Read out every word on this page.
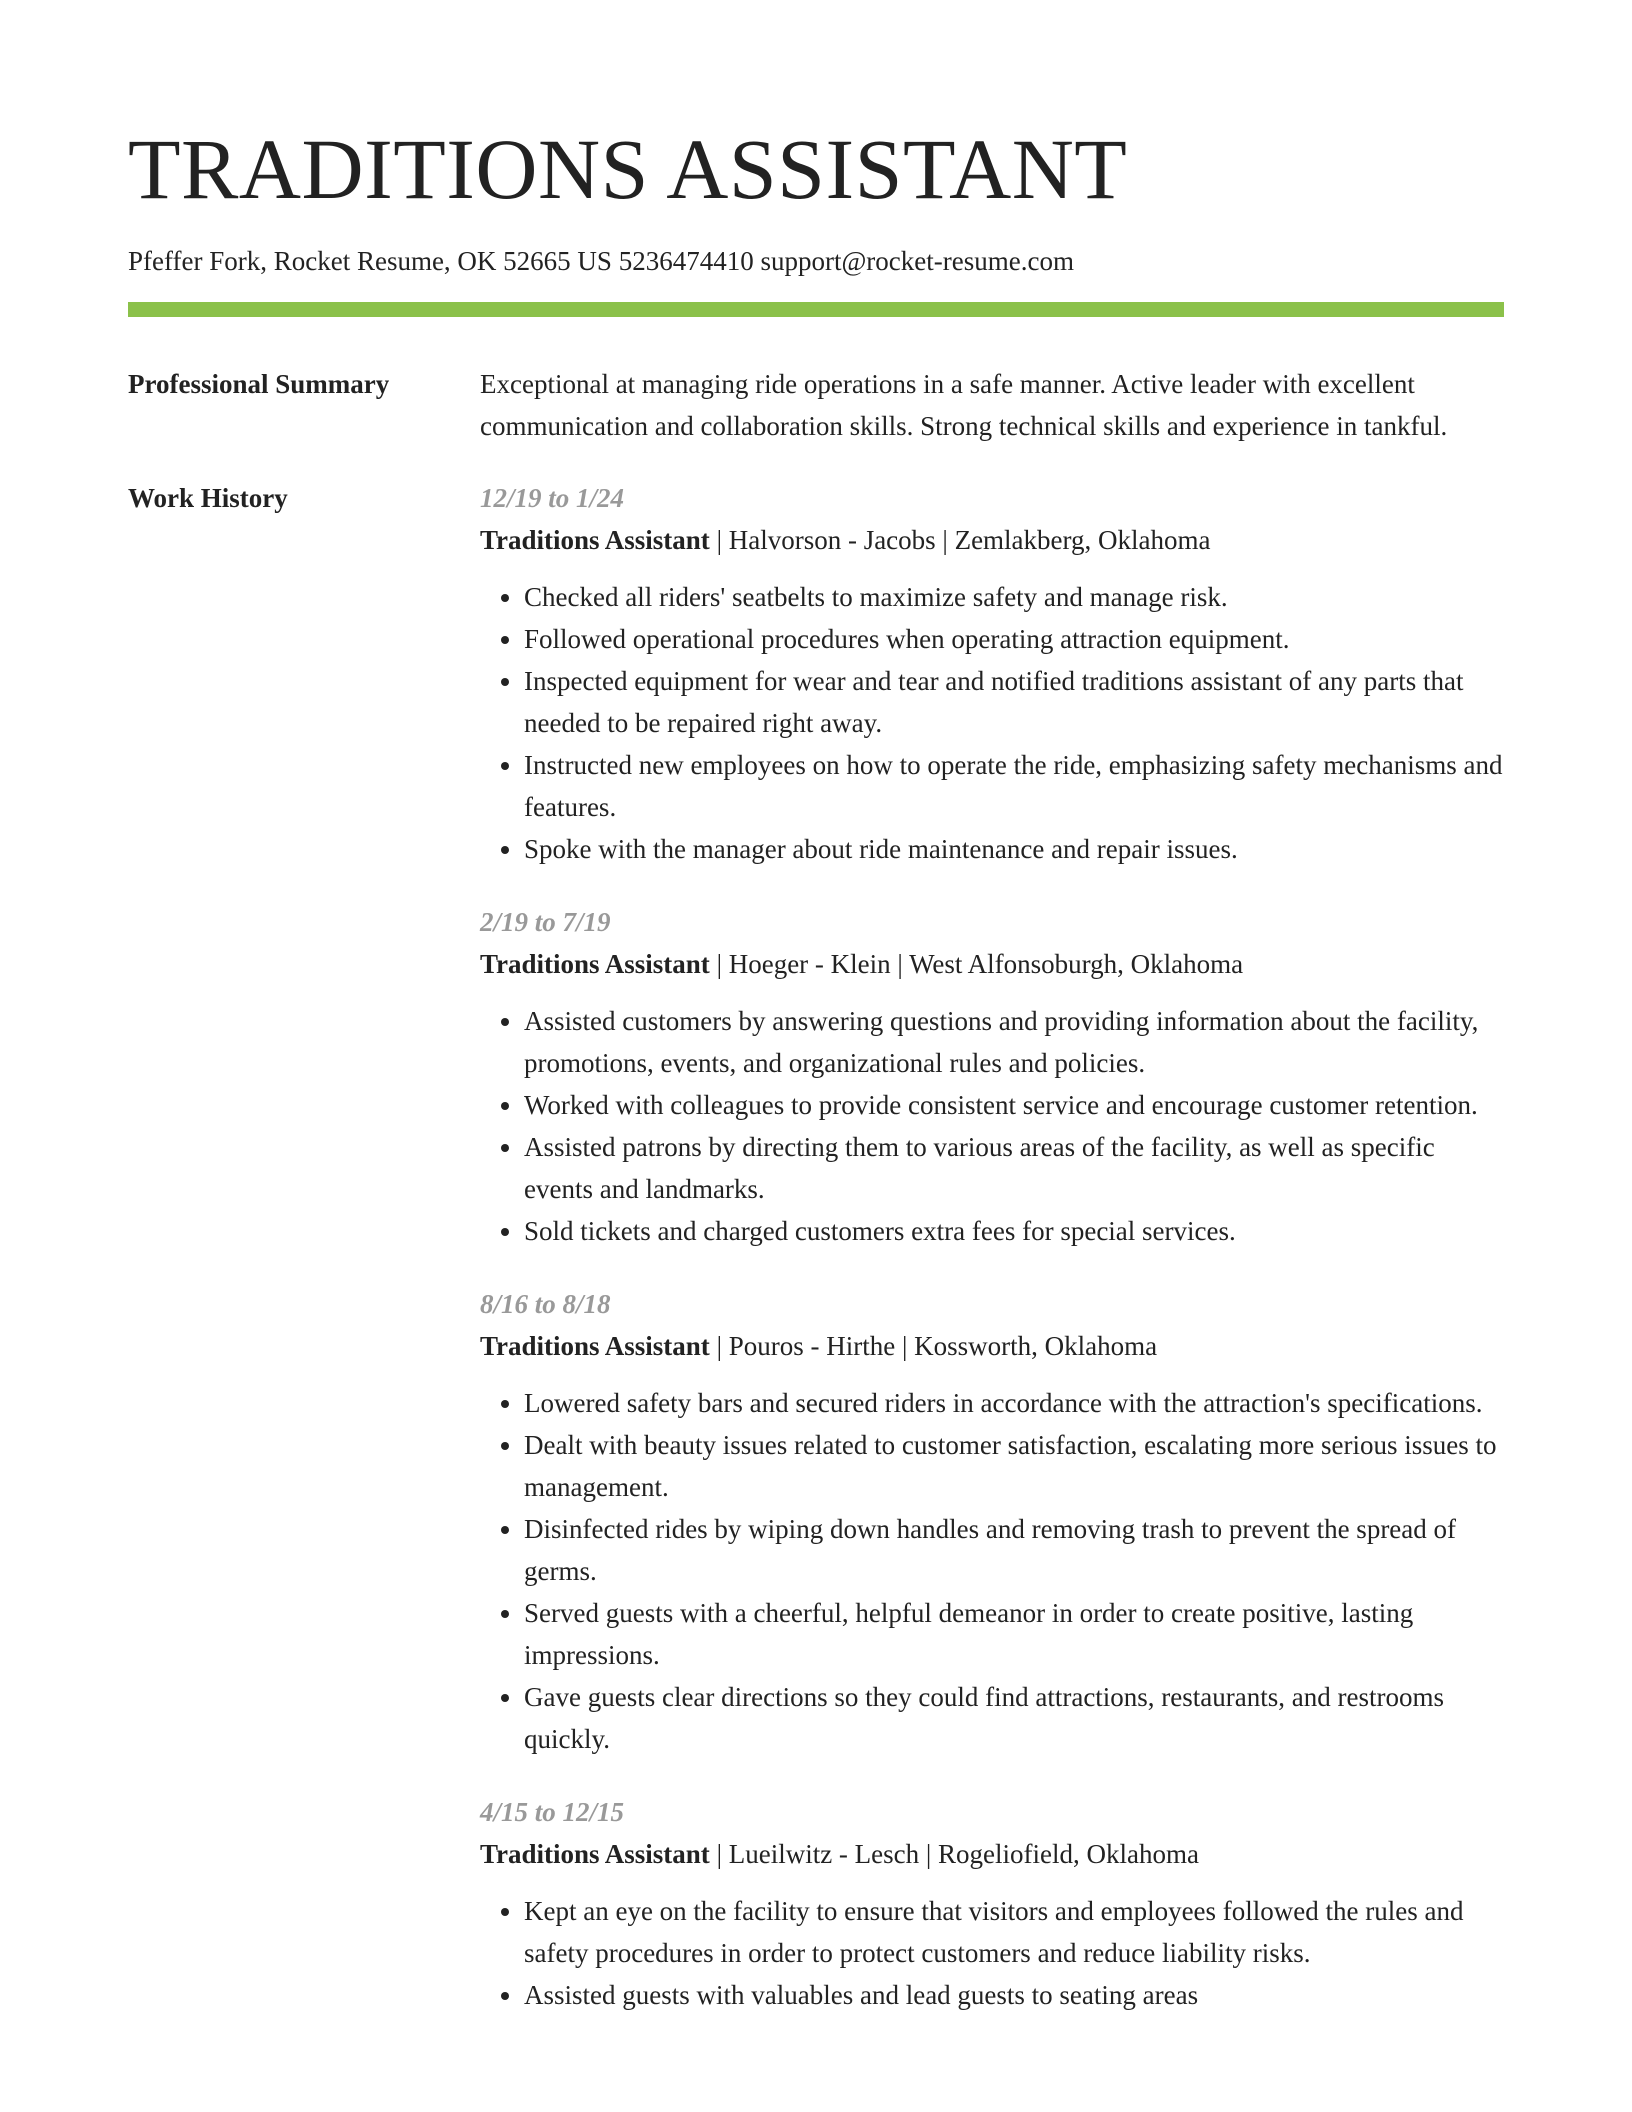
TRADITIONS ASSISTANT
Pfeffer Fork, Rocket Resume, OK 52665 US 5236474410 support@rocket-resume.com
Professional Summary	Exceptional at managing ride operations in a safe manner. Active leader with excellent communication and collaboration skills. Strong technical skills and experience in tankful.
Work History	12/19 to 1/24
Traditions Assistant | Halvorson - Jacobs | Zemlakberg, Oklahoma
• Checked all riders' seatbelts to maximize safety and manage risk.
• Followed operational procedures when operating attraction equipment.
• Inspected equipment for wear and tear and notified traditions assistant of any parts that needed to be repaired right away.
• Instructed new employees on how to operate the ride, emphasizing safety mechanisms and features.
• Spoke with the manager about ride maintenance and repair issues.
2/19 to 7/19
Traditions Assistant | Hoeger - Klein | West Alfonsoburgh, Oklahoma
• Assisted customers by answering questions and providing information about the facility, promotions, events, and organizational rules and policies.
• Worked with colleagues to provide consistent service and encourage customer retention.
• Assisted patrons by directing them to various areas of the facility, as well as specific events and landmarks.
• Sold tickets and charged customers extra fees for special services.
8/16 to 8/18
Traditions Assistant | Pouros - Hirthe | Kossworth, Oklahoma
• Lowered safety bars and secured riders in accordance with the attraction's specifications.
• Dealt with beauty issues related to customer satisfaction, escalating more serious issues to management.
• Disinfected rides by wiping down handles and removing trash to prevent the spread of germs.
• Served guests with a cheerful, helpful demeanor in order to create positive, lasting impressions.
• Gave guests clear directions so they could find attractions, restaurants, and restrooms quickly.
4/15 to 12/15
Traditions Assistant | Lueilwitz - Lesch | Rogeliofield, Oklahoma
• Kept an eye on the facility to ensure that visitors and employees followed the rules and safety procedures in order to protect customers and reduce liability risks.
• Assisted guests with valuables and lead guests to seating areas
